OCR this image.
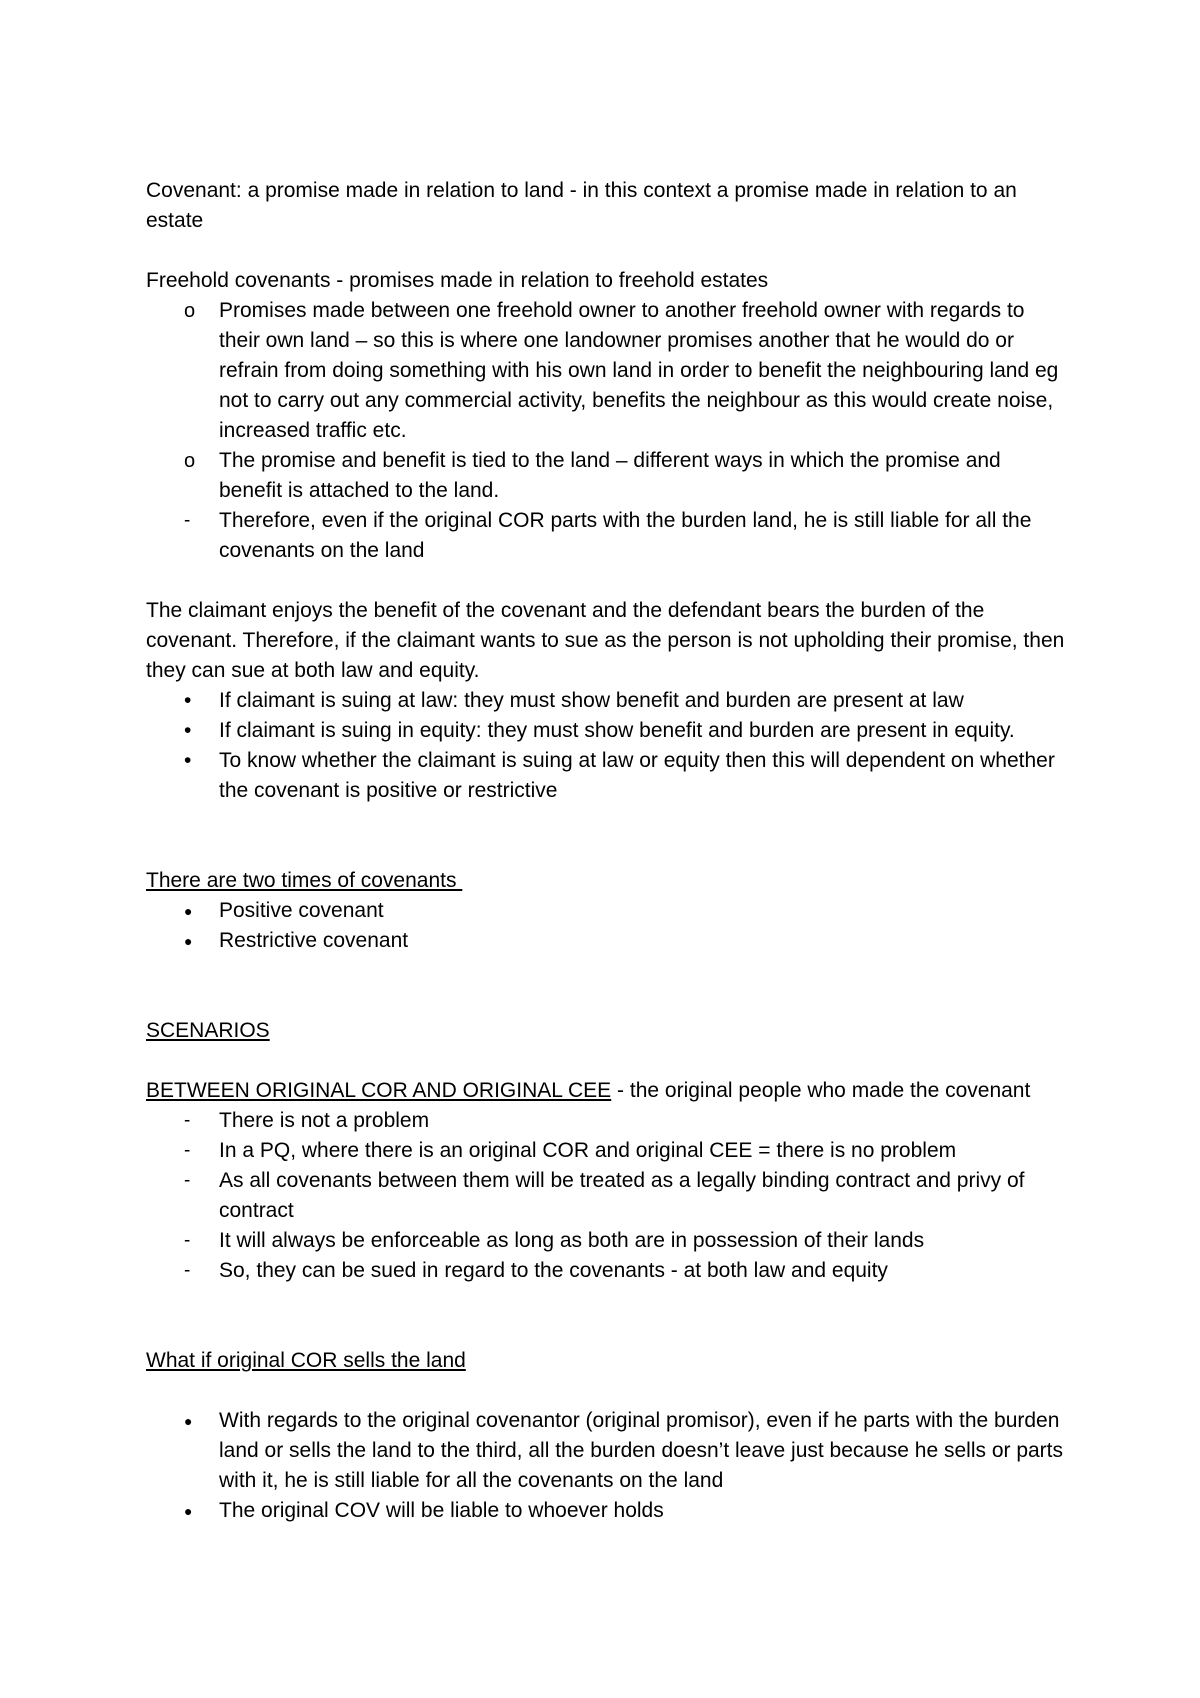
Covenant: a promise made in relation to land - in this context a promise made in relation to an estate

Freehold covenants - promises made in relation to freehold estates

o	Promises made between one freehold owner to another freehold owner with regards to their own land – so this is where one landowner promises another that he would do or refrain from doing something with his own land in order to benefit the neighbouring land eg not to carry out any commercial activity, benefits the neighbour as this would create noise, increased traffic etc.
o	The promise and benefit is tied to the land – different ways in which the promise and benefit is attached to the land.
-	Therefore, even if the original COR parts with the burden land, he is still liable for all the covenants on the land

The claimant enjoys the benefit of the covenant and the defendant bears the burden of the covenant. Therefore, if the claimant wants to sue as the person is not upholding their promise, then they can sue at both law and equity.

•	If claimant is suing at law: they must show benefit and burden are present at law
•	If claimant is suing in equity: they must show benefit and burden are present in equity.
•	To know whether the claimant is suing at law or equity then this will dependent on whether the covenant is positive or restrictive

There are two times of covenants

●	Positive covenant
●	Restrictive covenant

SCENARIOS

BETWEEN ORIGINAL COR AND ORIGINAL CEE - the original people who made the covenant

-	There is not a problem
-	In a PQ, where there is an original COR and original CEE = there is no problem
-	As all covenants between them will be treated as a legally binding contract and privy of contract
-	It will always be enforceable as long as both are in possession of their lands
-	So, they can be sued in regard to the covenants - at both law and equity

What if original COR sells the land

●	With regards to the original covenantor (original promisor), even if he parts with the burden land or sells the land to the third, all the burden doesn’t leave just because he sells or parts with it, he is still liable for all the covenants on the land
●	The original COV will be liable to whoever holds
